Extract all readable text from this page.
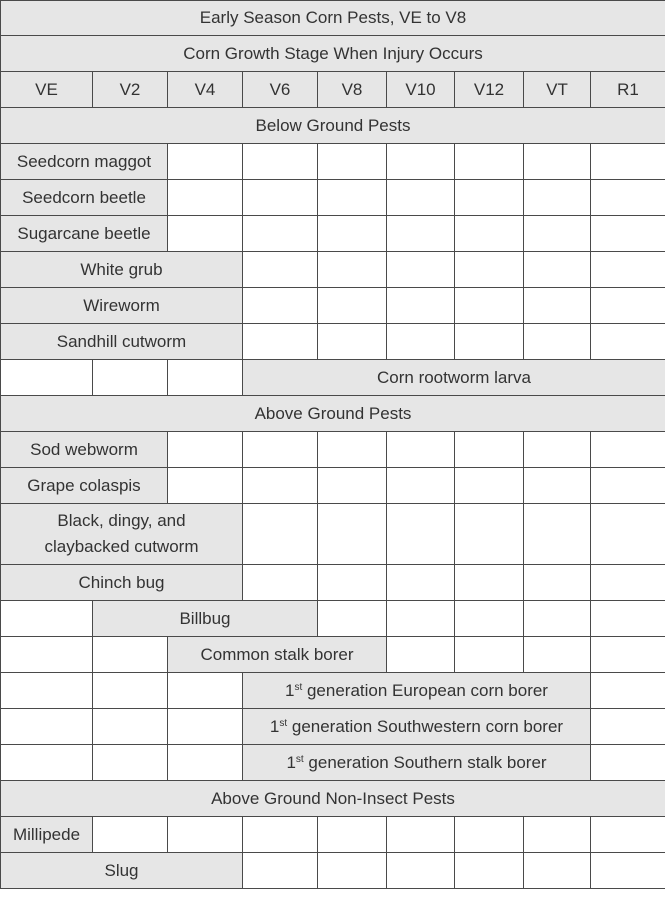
Early Season Corn Pests, VE to V8								
Corn Growth Stage When Injury Occurs								
VE	V2	V4	V6	V8	V10	V12	VT	R1
Below Ground Pests								
Seedcorn maggot								
Seedcorn beetle								
Sugarcane beetle								
White grub								
Wireworm								
Sandhill cutworm								
			Corn rootworm larva					
Above Ground Pests								
Sod webworm								
Grape colaspis								
Black, dingy, and
claybacked cutworm								
Chinch bug								
	Billbug							
		Common stalk borer						
			1st generation European corn borer					
			1st generation Southwestern corn borer					
			1st generation Southern stalk borer					
Above Ground Non-Insect Pests								
Millipede								
Slug								
